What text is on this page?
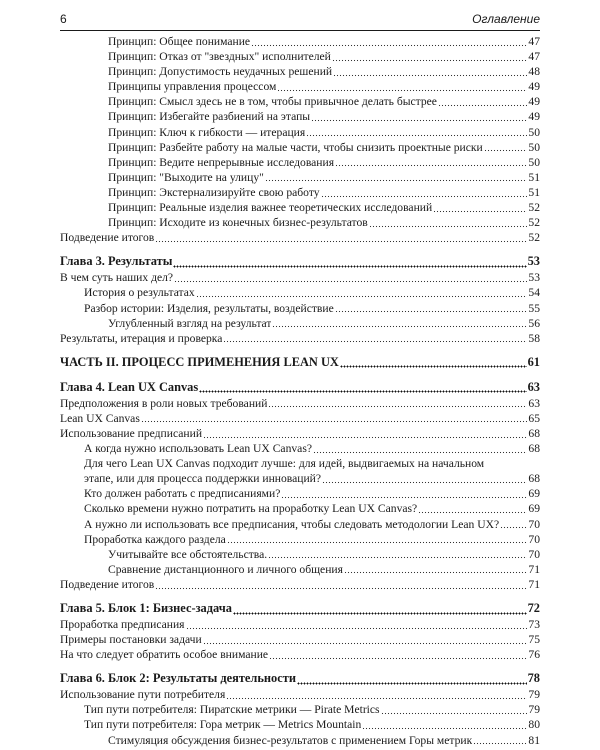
6	Оглавление
Принцип: Общее понимание	47
Принцип: Отказ от "звездных" исполнителей	47
Принцип: Допустимость неудачных решений	48
Принципы управления процессом	49
Принцип: Смысл здесь не в том, чтобы привычное делать быстрее	49
Принцип: Избегайте разбиений на этапы	49
Принцип: Ключ к гибкости — итерация	50
Принцип: Разбейте работу на малые части, чтобы снизить проектные риски	50
Принцип: Ведите непрерывные исследования	50
Принцип: "Выходите на улицу"	51
Принцип: Экстернализируйте свою работу	51
Принцип: Реальные изделия важнее теоретических исследований	52
Принцип: Исходите из конечных бизнес-результатов	52
Подведение итогов	52
Глава 3. Результаты	53
В чем суть наших дел?	53
История о результатах	54
Разбор истории: Изделия, результаты, воздействие	55
Углубленный взгляд на результат	56
Результаты, итерация и проверка	58
ЧАСТЬ II. ПРОЦЕСС ПРИМЕНЕНИЯ LEAN UX	61
Глава 4. Lean UX Canvas	63
Предположения в роли новых требований	63
Lean UX Canvas	65
Использование предписаний	68
А когда нужно использовать Lean UX Canvas?	68
Для чего Lean UX Canvas подходит лучше: для идей, выдвигаемых на начальном
этапе, или для процесса поддержки инноваций?	68
Кто должен работать с предписаниями?	69
Сколько времени нужно потратить на проработку Lean UX Canvas?	69
А нужно ли использовать все предписания, чтобы следовать методологии Lean UX?	70
Проработка каждого раздела	70
Учитывайте все обстоятельства.	70
Сравнение дистанционного и личного общения	71
Подведение итогов	71
Глава 5. Блок 1: Бизнес-задача	72
Проработка предписания	73
Примеры постановки задачи	75
На что следует обратить особое внимание	76
Глава 6. Блок 2: Результаты деятельности	78
Использование пути потребителя	79
Тип пути потребителя: Пиратские метрики — Pirate Metrics	79
Тип пути потребителя: Гора метрик — Metrics Mountain	80
Стимуляция обсуждения бизнес-результатов с применением Горы метрик	81
